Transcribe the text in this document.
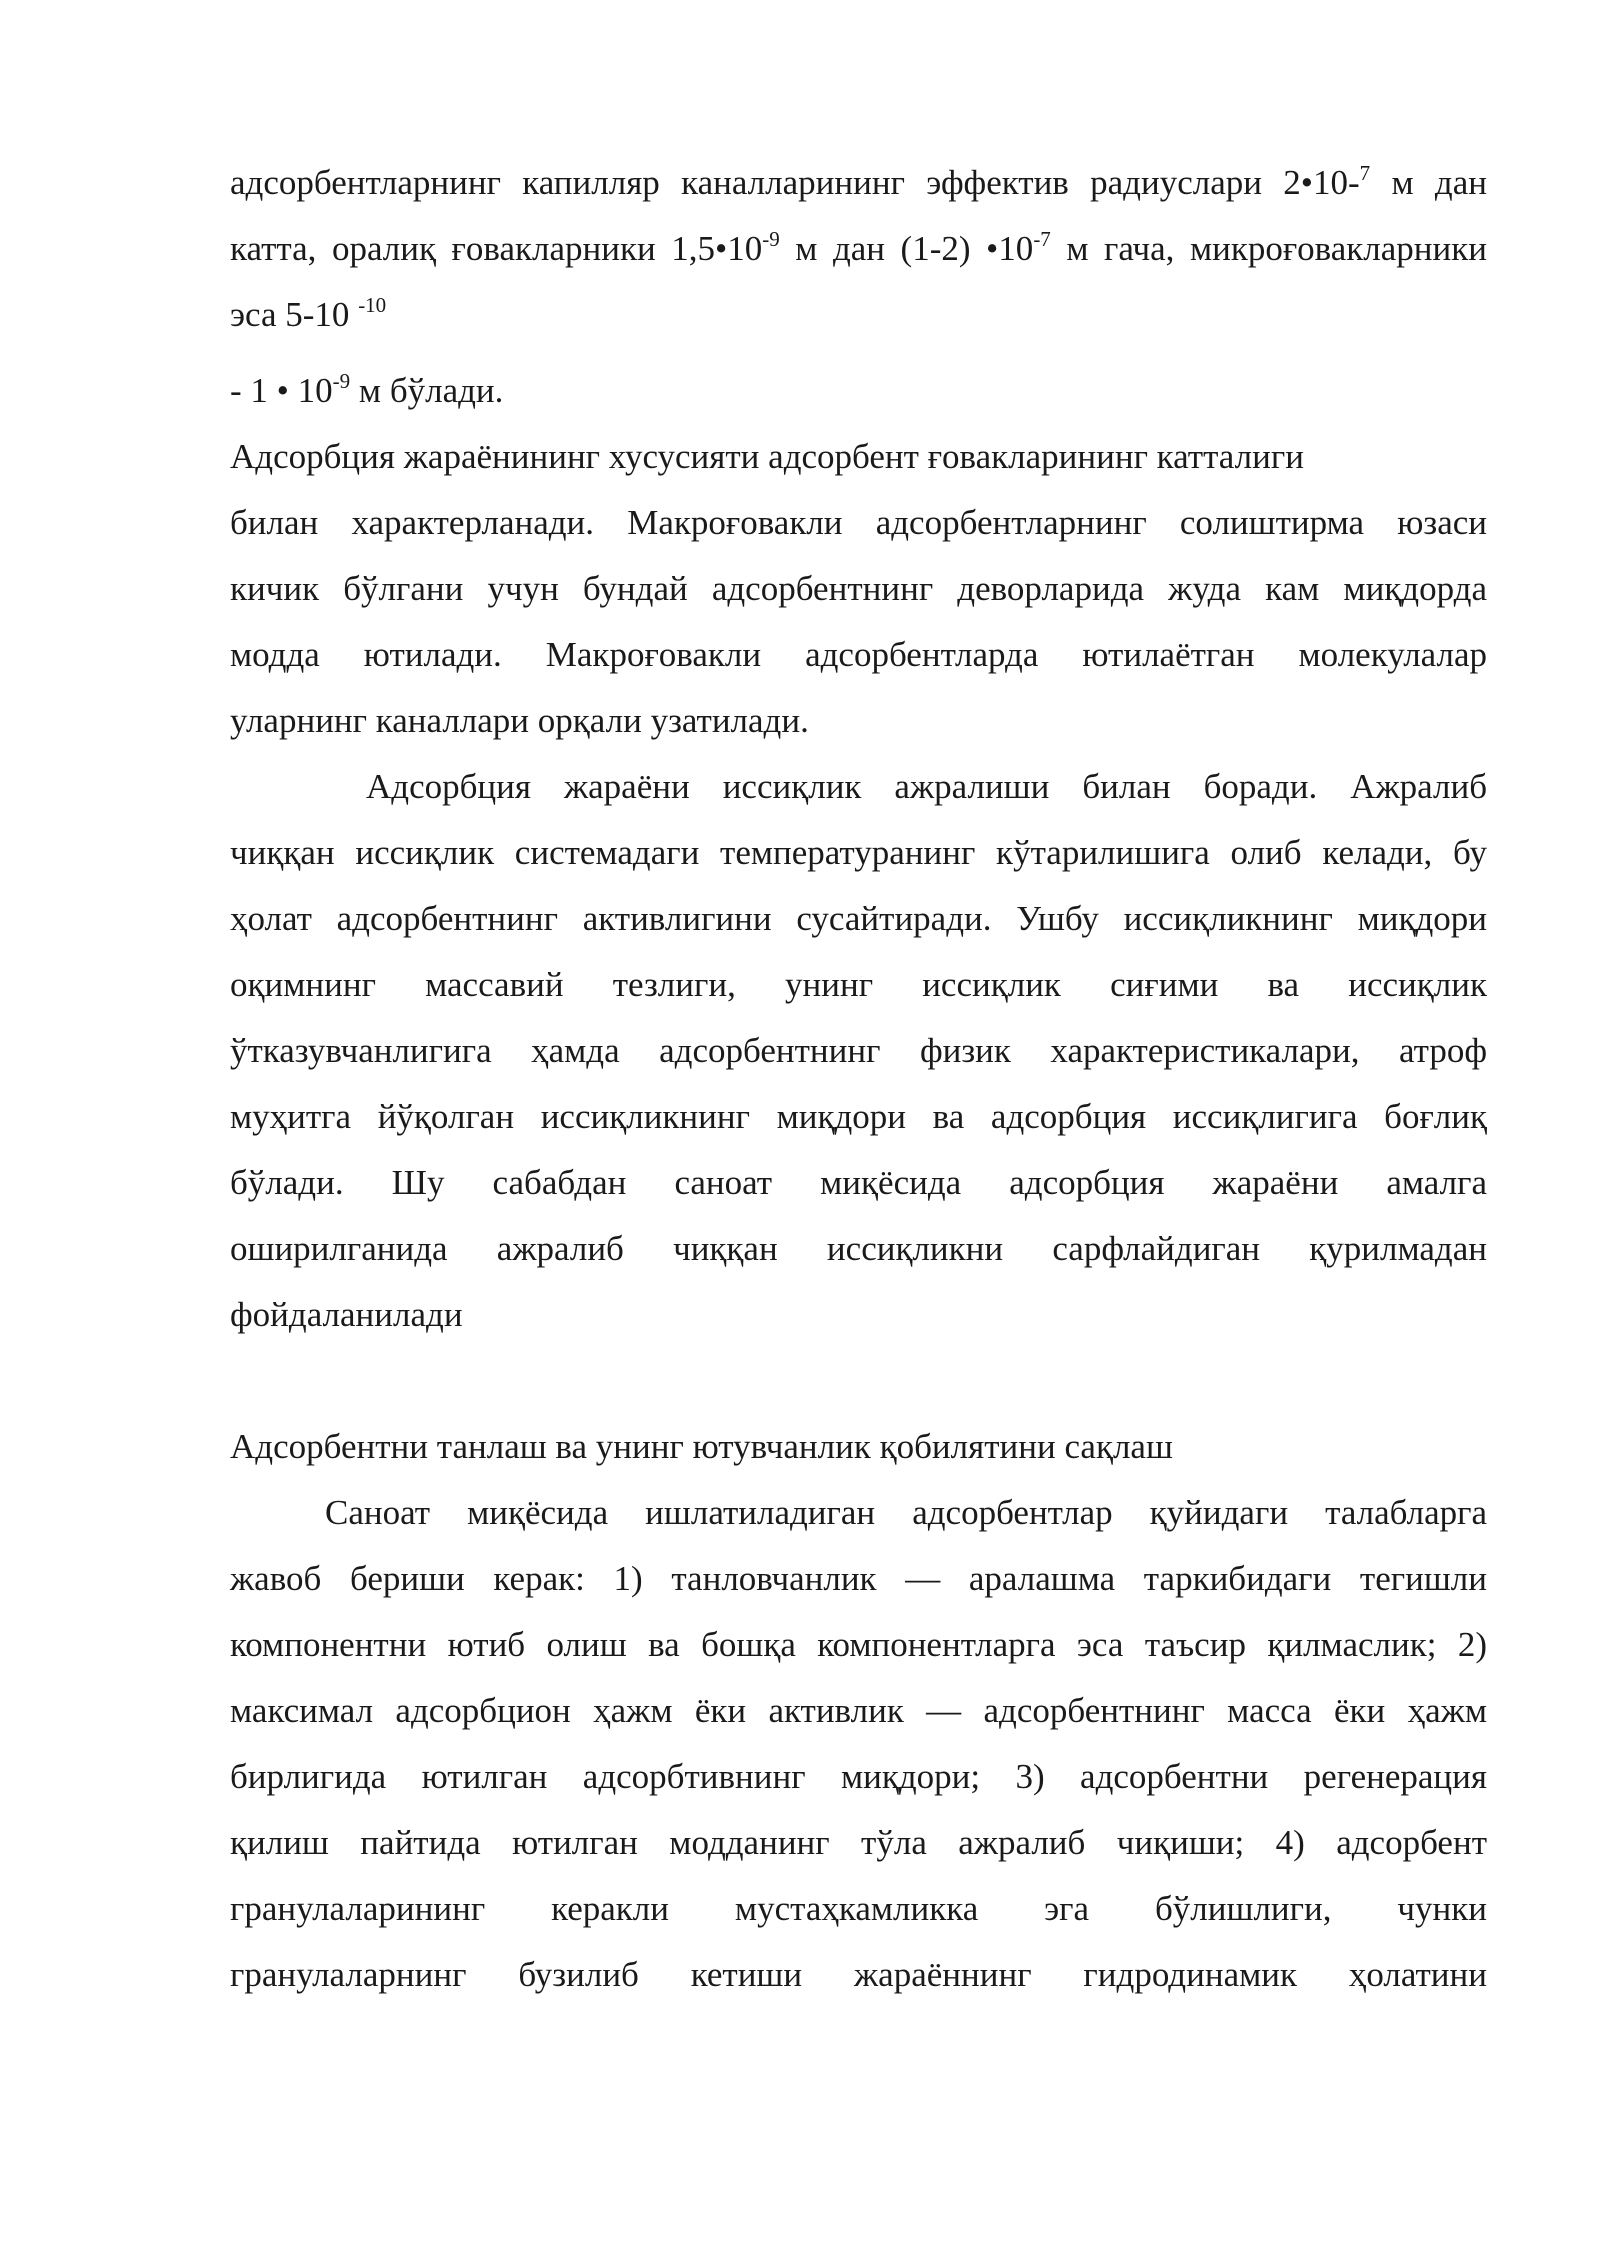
адсорбентларнинг капилляр каналларининг эффектив радиуслари 2•10-$^7$ м дан
катта, оралиқ ғовакларники $1,5•10^{-9}$ м дан (1-2) $•10^{-7}$ м гача, микроғовакларники
эса 5-10 $^{-10}$
- 1 • $10^{-9}$ м бўлади.
Адсорбция жараёнининг хусусияти адсорбент ғовакларининг катталиги
билан характерланади. Макроғовакли адсорбентларнинг солиштирма юзаси
кичик бўлгани учун бундай адсорбентнинг деворларида жуда кам миқдорда
модда ютилади. Макроғовакли адсорбентларда ютилаётган молекулалар
уларнинг каналлари орқали узатилади.
Адсорбция жараёни иссиқлик ажралиши билан боради. Ажралиб
чиққан иссиқлик системадаги температуранинг кўтарилишига олиб келади, бу
ҳолат адсорбентнинг активлигини сусайтиради. Ушбу иссиқликнинг миқдори
оқимнинг массавий тезлиги, унинг иссиқлик сиғими ва иссиқлик
ўтказувчанлигига ҳамда адсорбентнинг физик характеристикалари, атроф
муҳитга йўқолган иссиқликнинг миқдори ва адсорбция иссиқлигига боғлиқ
бўлади. Шу сабабдан саноат миқёсида адсорбция жараёни амалга
оширилганида ажралиб чиққан иссиқликни сарфлайдиган қурилмадан
фойдаланилади
Адсорбентни танлаш ва унинг ютувчанлик қобилятини сақлаш
Саноат миқёсида ишлатиладиган адсорбентлар қуйидаги талабларга
жавоб бериши керак: 1) танловчанлик — аралашма таркибидаги тегишли
компонентни ютиб олиш ва бошқа компонентларга эса таъсир қилмаслик; 2)
максимал адсорбцион ҳажм ёки активлик — адсорбентнинг масса ёки ҳажм
бирлигида ютилган адсорбтивнинг миқдори; 3) адсорбентни регенерация
қилиш пайтида ютилган модданинг тўла ажралиб чиқиши; 4) адсорбент
гранулаларининг керакли мустаҳкамликка эга бўлишлиги, чунки
гранулаларнинг бузилиб кетиши жараённинг гидродинамик ҳолатини
